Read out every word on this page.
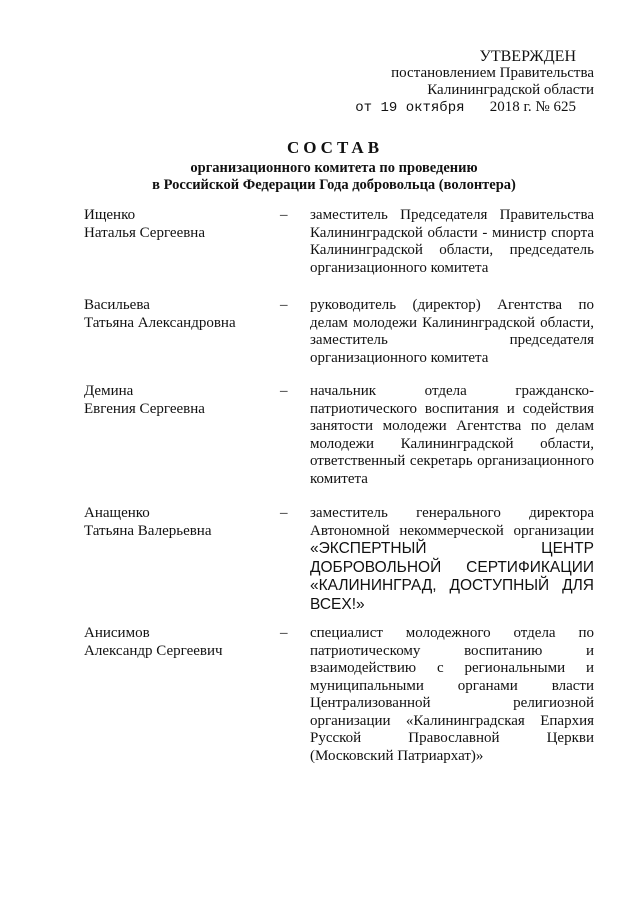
УТВЕРЖДЕН
постановлением Правительства
Калининградской области
от 19 октября 2018 г. № 625
СОСТАВ
организационного комитета по проведению
в Российской Федерации Года добровольца (волонтера)
Ищенко
Наталья Сергеевна
–	заместитель Председателя Правительства Калининградской области - министр спорта Калининградской области, председатель организационного комитета
Васильева
Татьяна Александровна
–	руководитель (директор) Агентства по делам молодежи Калининградской области, заместитель председателя организационного комитета
Демина
Евгения Сергеевна
–	начальник отдела гражданско-патриотического воспитания и содействия занятости молодежи Агентства по делам молодежи Калининградской области, ответственный секретарь организационного комитета
Анащенко
Татьяна Валерьевна
–	заместитель генерального директора Автономной некоммерческой организации «ЭКСПЕРТНЫЙ ЦЕНТР ДОБРОВОЛЬНОЙ СЕРТИФИКАЦИИ «КАЛИНИНГРАД, ДОСТУПНЫЙ ДЛЯ ВСЕХ!»
Анисимов
Александр Сергеевич
–	специалист молодежного отдела по патриотическому воспитанию и взаимодействию с региональными и муниципальными органами власти Централизованной религиозной организации «Калининградская Епархия Русской Православной Церкви (Московский Патриархат)»
